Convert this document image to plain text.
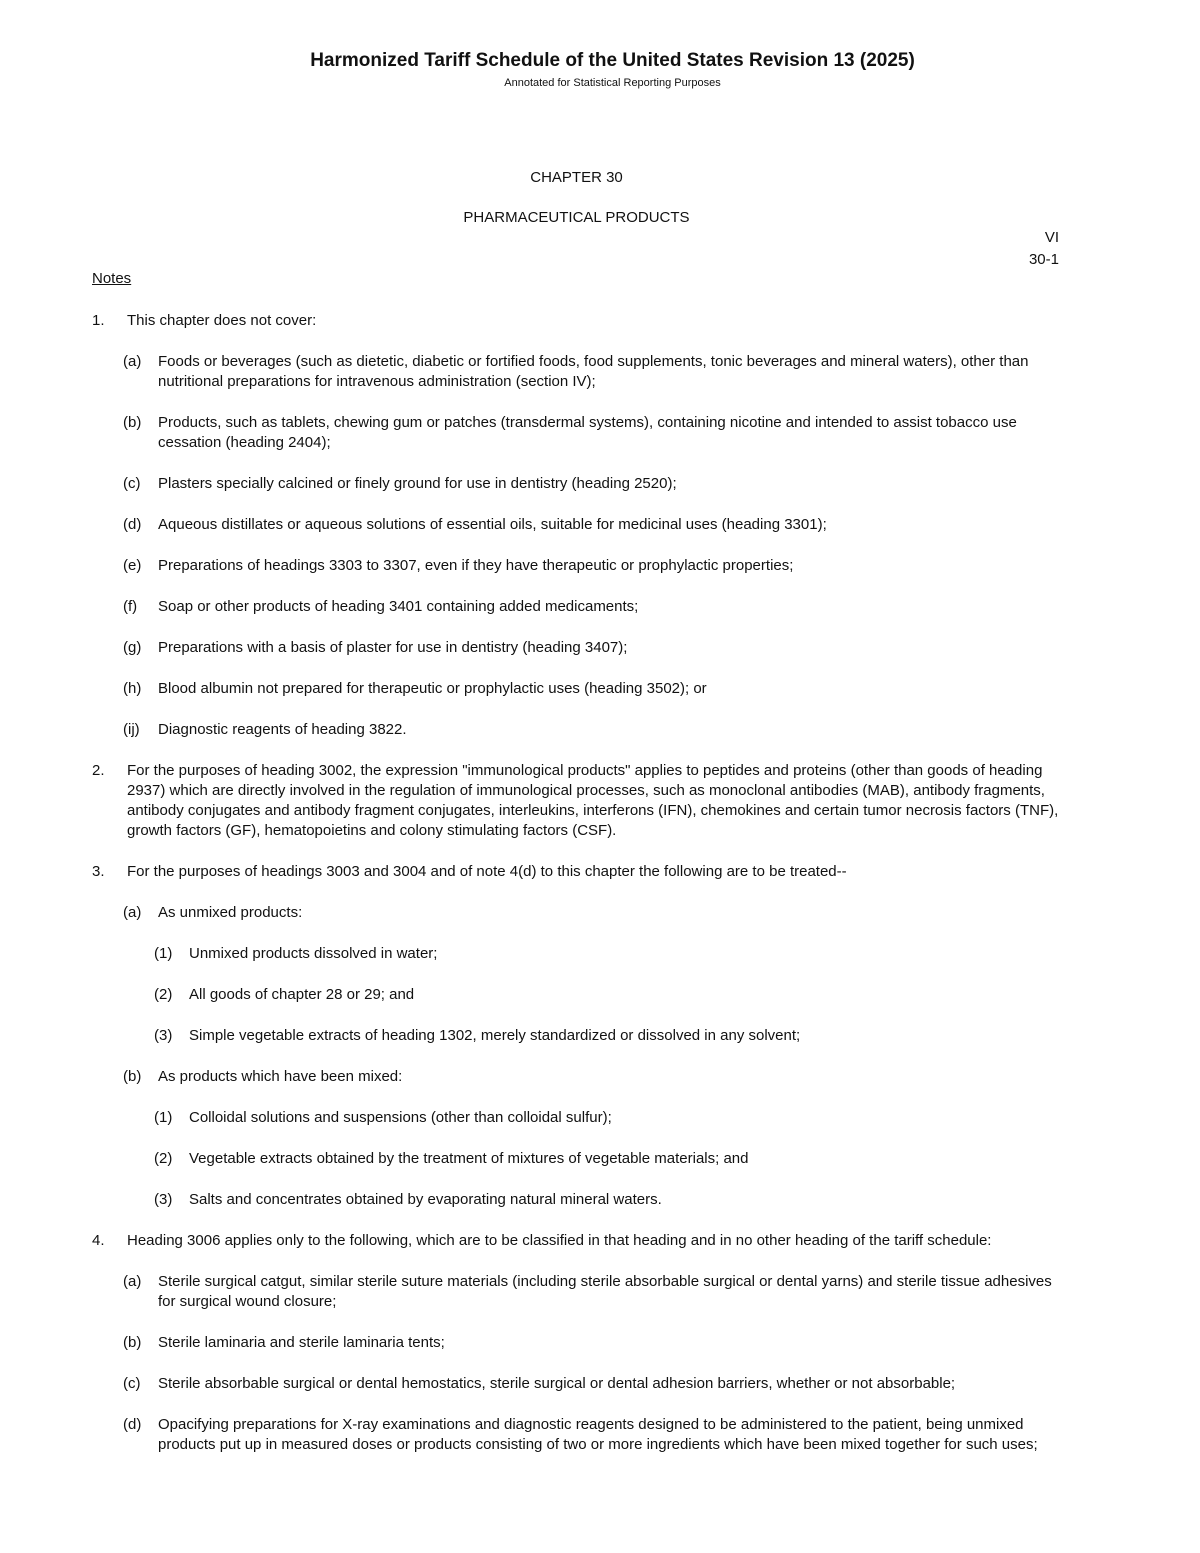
Harmonized Tariff Schedule of the United States Revision 13 (2025)
Annotated for Statistical Reporting Purposes
CHAPTER 30
PHARMACEUTICAL PRODUCTS
VI
30-1
Notes
1.	This chapter does not cover:
(a)	Foods or beverages (such as dietetic, diabetic or fortified foods, food supplements, tonic beverages and mineral waters), other than nutritional preparations for intravenous administration (section IV);
(b)	Products, such as tablets, chewing gum or patches (transdermal systems), containing nicotine and intended to assist tobacco use cessation (heading 2404);
(c)	Plasters specially calcined or finely ground for use in dentistry (heading 2520);
(d)	Aqueous distillates or aqueous solutions of essential oils, suitable for medicinal uses (heading 3301);
(e)	Preparations of headings 3303 to 3307, even if they have therapeutic or prophylactic properties;
(f)	Soap or other products of heading 3401 containing added medicaments;
(g)	Preparations with a basis of plaster for use in dentistry (heading 3407);
(h)	Blood albumin not prepared for therapeutic or prophylactic uses (heading 3502); or
(ij)	Diagnostic reagents of heading 3822.
2.	For the purposes of heading 3002, the expression "immunological products" applies to peptides and proteins (other than goods of heading 2937) which are directly involved in the regulation of immunological processes, such as monoclonal antibodies (MAB), antibody fragments, antibody conjugates and antibody fragment conjugates, interleukins, interferons (IFN), chemokines and certain tumor necrosis factors (TNF), growth factors (GF), hematopoietins and colony stimulating factors (CSF).
3.	For the purposes of headings 3003 and 3004 and of note 4(d) to this chapter the following are to be treated--
(a)	As unmixed products:
(1)	Unmixed products dissolved in water;
(2)	All goods of chapter 28 or 29; and
(3)	Simple vegetable extracts of heading 1302, merely standardized or dissolved in any solvent;
(b)	As products which have been mixed:
(1)	Colloidal solutions and suspensions (other than colloidal sulfur);
(2)	Vegetable extracts obtained by the treatment of mixtures of vegetable materials; and
(3)	Salts and concentrates obtained by evaporating natural mineral waters.
4.	Heading 3006 applies only to the following, which are to be classified in that heading and in no other heading of the tariff schedule:
(a)	Sterile surgical catgut, similar sterile suture materials (including sterile absorbable surgical or dental yarns) and sterile tissue adhesives for surgical wound closure;
(b)	Sterile laminaria and sterile laminaria tents;
(c)	Sterile absorbable surgical or dental hemostatics, sterile surgical or dental adhesion barriers, whether or not absorbable;
(d)	Opacifying preparations for X-ray examinations and diagnostic reagents designed to be administered to the patient, being unmixed products put up in measured doses or products consisting of two or more ingredients which have been mixed together for such uses;
